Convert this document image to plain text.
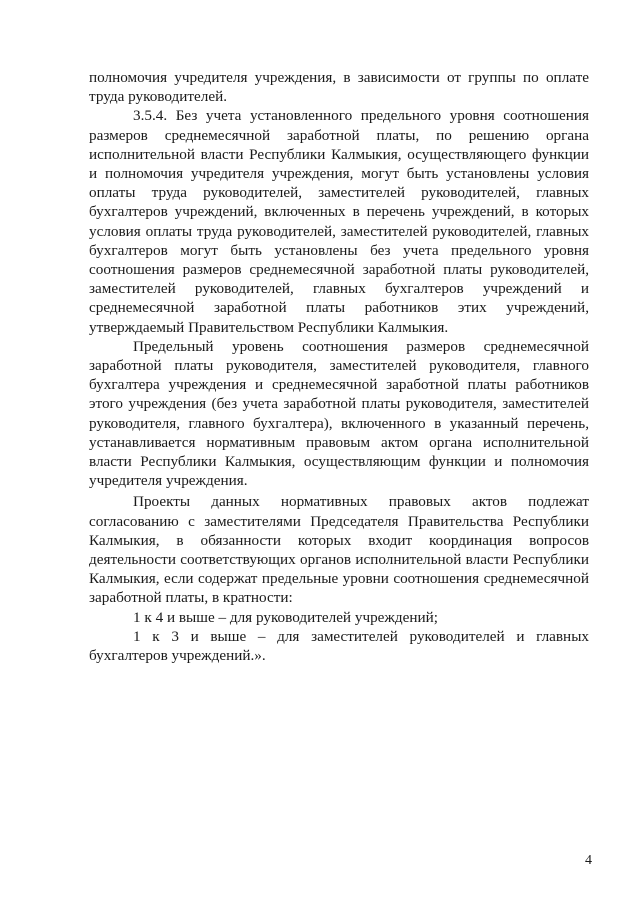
полномочия учредителя учреждения, в зависимости от группы по оплате труда руководителей.

3.5.4. Без учета установленного предельного уровня соотношения размеров среднемесячной заработной платы, по решению органа исполнительной власти Республики Калмыкия, осуществляющего функции и полномочия учредителя учреждения, могут быть установлены условия оплаты труда руководителей, заместителей руководителей, главных бухгалтеров учреждений, включенных в перечень учреждений, в которых условия оплаты труда руководителей, заместителей руководителей, главных бухгалтеров могут быть установлены без учета предельного уровня соотношения размеров среднемесячной заработной платы руководителей, заместителей руководителей, главных бухгалтеров учреждений и среднемесячной заработной платы работников этих учреждений, утверждаемый Правительством Республики Калмыкия.

Предельный уровень соотношения размеров среднемесячной заработной платы руководителя, заместителей руководителя, главного бухгалтера учреждения и среднемесячной заработной платы работников этого учреждения (без учета заработной платы руководителя, заместителей руководителя, главного бухгалтера), включенного в указанный перечень, устанавливается нормативным правовым актом органа исполнительной власти Республики Калмыкия, осуществляющим функции и полномочия учредителя учреждения.

Проекты данных нормативных правовых актов подлежат согласованию с заместителями Председателя Правительства Республики Калмыкия, в обязанности которых входит координация вопросов деятельности соответствующих органов исполнительной власти Республики Калмыкия, если содержат предельные уровни соотношения среднемесячной заработной платы, в кратности:

1 к 4 и выше – для руководителей учреждений;

1 к 3 и выше – для заместителей руководителей и главных бухгалтеров учреждений.».

4
